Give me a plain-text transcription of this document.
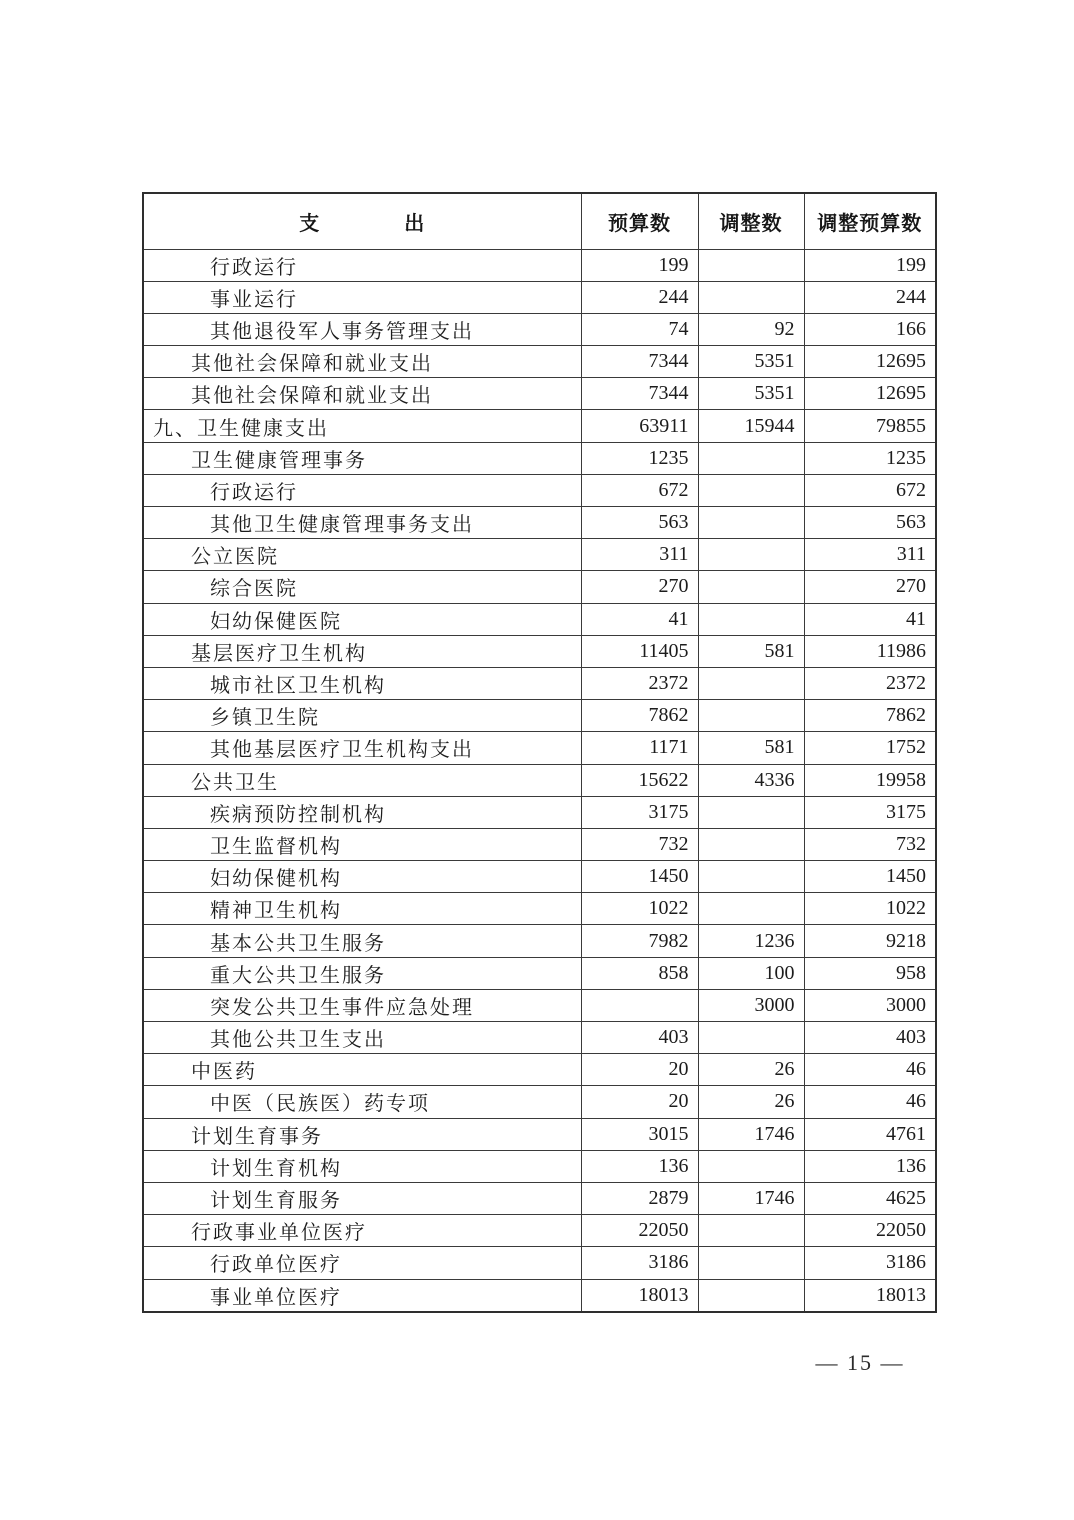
支　　　　出	预算数	调整数	调整预算数
行政运行	199		199
事业运行	244		244
其他退役军人事务管理支出	74	92	166
其他社会保障和就业支出	7344	5351	12695
其他社会保障和就业支出	7344	5351	12695
九、卫生健康支出	63911	15944	79855
卫生健康管理事务	1235		1235
行政运行	672		672
其他卫生健康管理事务支出	563		563
公立医院	311		311
综合医院	270		270
妇幼保健医院	41		41
基层医疗卫生机构	11405	581	11986
城市社区卫生机构	2372		2372
乡镇卫生院	7862		7862
其他基层医疗卫生机构支出	1171	581	1752
公共卫生	15622	4336	19958
疾病预防控制机构	3175		3175
卫生监督机构	732		732
妇幼保健机构	1450		1450
精神卫生机构	1022		1022
基本公共卫生服务	7982	1236	9218
重大公共卫生服务	858	100	958
突发公共卫生事件应急处理		3000	3000
其他公共卫生支出	403		403
中医药	20	26	46
中医（民族医）药专项	20	26	46
计划生育事务	3015	1746	4761
计划生育机构	136		136
计划生育服务	2879	1746	4625
行政事业单位医疗	22050		22050
行政单位医疗	3186		3186
事业单位医疗	18013		18013
— 15 —
